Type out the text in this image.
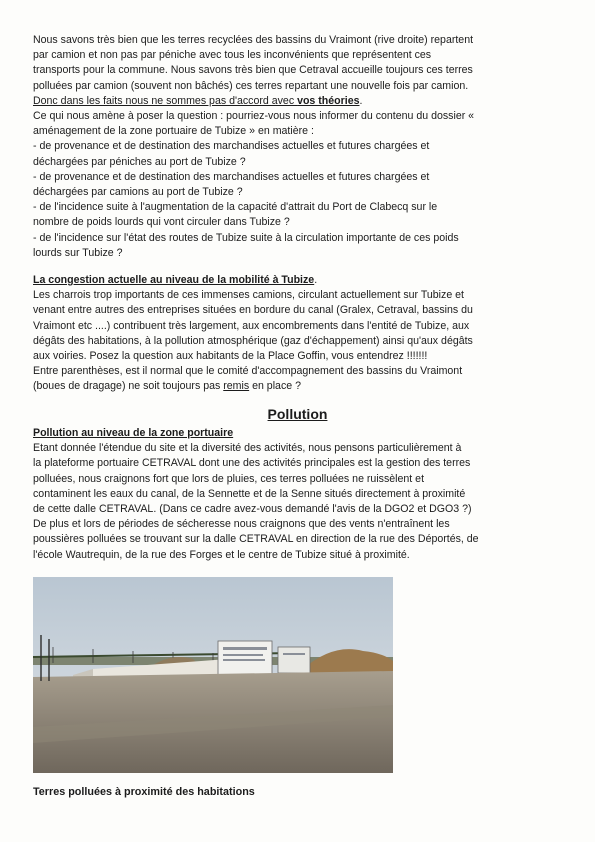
Nous savons très bien que les terres recyclées des bassins du Vraimont (rive droite) repartent

par camion et non pas par péniche avec tous les inconvénients que représentent ces

transports pour la commune. Nous savons très bien que Cetraval accueille toujours ces terres

polluées par camion (souvent non bâchés) ces terres repartant une nouvelle fois par camion.

Donc dans les faits nous ne sommes pas d'accord avec vos théories.

Ce qui nous amène à poser la question : pourriez-vous nous informer du contenu du dossier «

aménagement de la zone portuaire de Tubize » en matière :

- de provenance et de destination des marchandises actuelles et futures chargées et

déchargées par péniches au port de Tubize ?

- de provenance et de destination des marchandises actuelles et futures chargées et

déchargées par camions au port de Tubize ?

- de l'incidence suite à l'augmentation de la capacité d'attrait du Port de Clabecq sur le

nombre de poids lourds qui vont circuler dans Tubize ?

- de l'incidence sur l'état des routes de Tubize suite à la circulation importante de ces poids

lourds sur Tubize ?

La congestion actuelle au niveau de la mobilité à Tubize.

Les charrois trop importants de ces immenses camions, circulant actuellement sur Tubize et

venant entre autres des entreprises situées en bordure du canal (Gralex, Cetraval, bassins du

Vraimont etc ....) contribuent très largement, aux encombrements dans l'entité de Tubize, aux

dégâts des habitations, à la pollution atmosphérique (gaz d'échappement) ainsi qu'aux dégâts

aux voiries. Posez la question aux habitants de la Place Goffin, vous entendrez !!!!!!!

Entre parenthèses, est il normal que le comité d'accompagnement des bassins du Vraimont

(boues de dragage) ne soit toujours pas remis en place ?

Pollution

Pollution au niveau de la zone portuaire

Etant donnée l'étendue du site et la diversité des activités, nous pensons particulièrement à

la plateforme portuaire CETRAVAL dont une des activités principales est la gestion des terres

polluées, nous craignons fort que lors de pluies, ces terres polluées ne ruissèlent et

contaminent les eaux du canal, de la Sennette et de la Senne situés directement à proximité

de cette dalle CETRAVAL. (Dans ce cadre avez-vous demandé l'avis de la DGO2 et DGO3 ?)

De plus et lors de périodes de sécheresse nous craignons que des vents n'entraînent les

poussières polluées se trouvant sur la dalle CETRAVAL en direction de la rue des Déportés, de

l'école Wautrequin, de la rue des Forges et le centre de Tubize situé à proximité.

Terres polluées à proximité des habitations
